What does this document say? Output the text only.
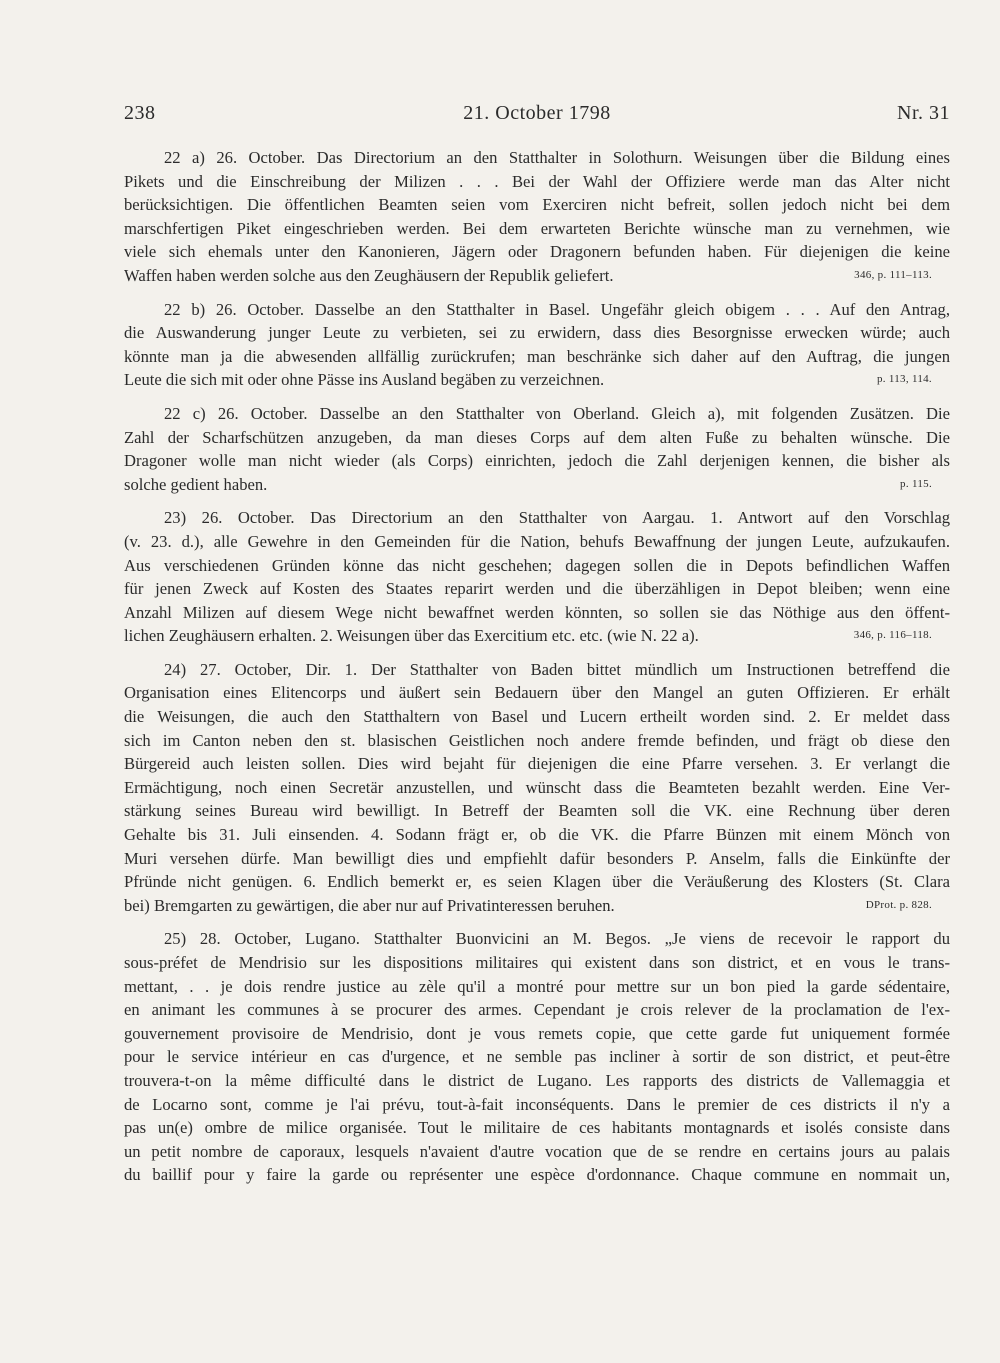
238	21. October 1798	Nr. 31
22 a) 26. October. Das Directorium an den Statthalter in Solothurn. Weisungen über die Bildung eines
Pikets und die Einschreibung der Milizen . . . Bei der Wahl der Offiziere werde man das Alter nicht
berücksichtigen. Die öffentlichen Beamten seien vom Exerciren nicht befreit, sollen jedoch nicht bei dem
marschfertigen Piket eingeschrieben werden. Bei dem erwarteten Berichte wünsche man zu vernehmen, wie
viele sich ehemals unter den Kanonieren, Jägern oder Dragonern befunden haben. Für diejenigen die keine
Waffen haben werden solche aus den Zeughäusern der Republik geliefert.	346, p. 111–113.
22 b) 26. October. Dasselbe an den Statthalter in Basel. Ungefähr gleich obigem . . . Auf den Antrag,
die Auswanderung junger Leute zu verbieten, sei zu erwidern, dass dies Besorgnisse erwecken würde; auch
könnte man ja die abwesenden allfällig zurückrufen; man beschränke sich daher auf den Auftrag, die jungen
Leute die sich mit oder ohne Pässe ins Ausland begäben zu verzeichnen.	p. 113, 114.
22 c) 26. October. Dasselbe an den Statthalter von Oberland. Gleich a), mit folgenden Zusätzen. Die
Zahl der Scharfschützen anzugeben, da man dieses Corps auf dem alten Fuße zu behalten wünsche. Die
Dragoner wolle man nicht wieder (als Corps) einrichten, jedoch die Zahl derjenigen kennen, die bisher als
solche gedient haben.	p. 115.
23) 26. October. Das Directorium an den Statthalter von Aargau. 1. Antwort auf den Vorschlag
(v. 23. d.), alle Gewehre in den Gemeinden für die Nation, behufs Bewaffnung der jungen Leute, aufzukaufen.
Aus verschiedenen Gründen könne das nicht geschehen; dagegen sollen die in Depots befindlichen Waffen
für jenen Zweck auf Kosten des Staates reparirt werden und die überzähligen in Depot bleiben; wenn eine
Anzahl Milizen auf diesem Wege nicht bewaffnet werden könnten, so sollen sie das Nöthige aus den öffent-
lichen Zeughäusern erhalten. 2. Weisungen über das Exercitium etc. etc. (wie N. 22 a).	346, p. 116–118.
24) 27. October, Dir. 1. Der Statthalter von Baden bittet mündlich um Instructionen betreffend die
Organisation eines Elitencorps und äußert sein Bedauern über den Mangel an guten Offizieren. Er erhält
die Weisungen, die auch den Statthaltern von Basel und Lucern ertheilt worden sind. 2. Er meldet dass
sich im Canton neben den st. blasischen Geistlichen noch andere fremde befinden, und frägt ob diese den
Bürgereid auch leisten sollen. Dies wird bejaht für diejenigen die eine Pfarre versehen. 3. Er verlangt die
Ermächtigung, noch einen Secretär anzustellen, und wünscht dass die Beamteten bezahlt werden. Eine Ver-
stärkung seines Bureau wird bewilligt. In Betreff der Beamten soll die VK. eine Rechnung über deren
Gehalte bis 31. Juli einsenden. 4. Sodann frägt er, ob die VK. die Pfarre Bünzen mit einem Mönch von
Muri versehen dürfe. Man bewilligt dies und empfiehlt dafür besonders P. Anselm, falls die Einkünfte der
Pfründe nicht genügen. 6. Endlich bemerkt er, es seien Klagen über die Veräußerung des Klosters (St. Clara
bei) Bremgarten zu gewärtigen, die aber nur auf Privatinteressen beruhen.	DProt. p. 828.
25) 28. October, Lugano. Statthalter Buonvicini an M. Begos. „Je viens de recevoir le rapport du
sous-préfet de Mendrisio sur les dispositions militaires qui existent dans son district, et en vous le trans-
mettant, . . je dois rendre justice au zèle qu'il a montré pour mettre sur un bon pied la garde sédentaire,
en animant les communes à se procurer des armes. Cependant je crois relever de la proclamation de l'ex-
gouvernement provisoire de Mendrisio, dont je vous remets copie, que cette garde fut uniquement formée
pour le service intérieur en cas d'urgence, et ne semble pas incliner à sortir de son district, et peut-être
trouvera-t-on la même difficulté dans le district de Lugano. Les rapports des districts de Vallemaggia et
de Locarno sont, comme je l'ai prévu, tout-à-fait inconséquents. Dans le premier de ces districts il n'y a
pas un(e) ombre de milice organisée. Tout le militaire de ces habitants montagnards et isolés consiste dans
un petit nombre de caporaux, lesquels n'avaient d'autre vocation que de se rendre en certains jours au palais
du baillif pour y faire la garde ou représenter une espèce d'ordonnance. Chaque commune en nommait un,
